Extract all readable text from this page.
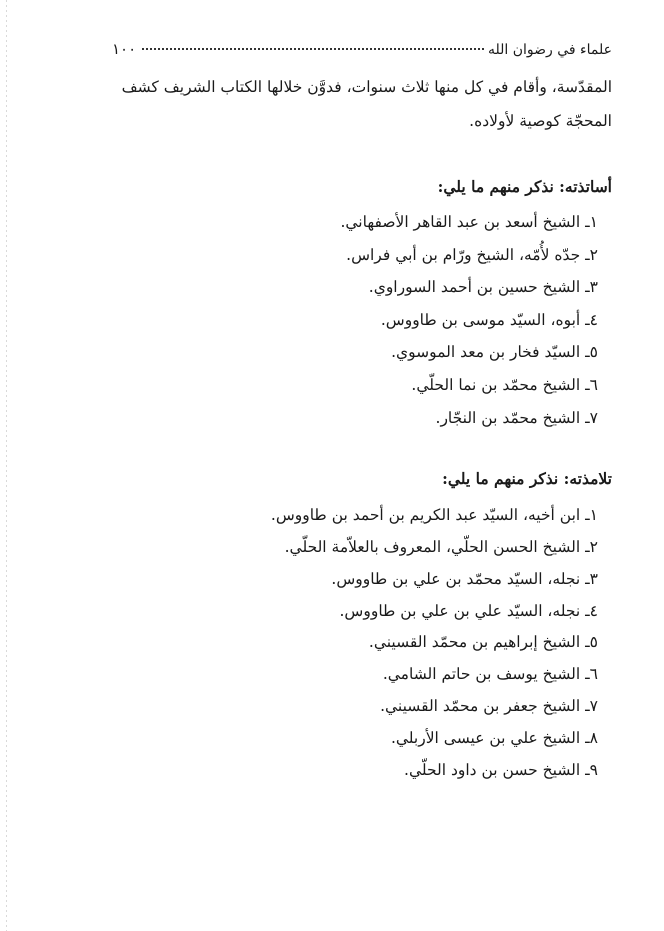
علماء في رضوان الله
١٠٠

المقدّسة، وأقام في كل منها ثلاث سنوات، فدوَّن خلالها الكتاب الشريف كشف

المحجّة كوصية لأولاده.

أساتذته: نذكر منهم ما يلي:
١ـ الشيخ أسعد بن عبد القاهر الأصفهاني.
٢ـ جدّه لأُمّه، الشيخ ورّام بن أبي فراس.
٣ـ الشيخ حسين بن أحمد السوراوي.
٤ـ أبوه، السيّد موسى بن طاووس.
٥ـ السيّد فخار بن معد الموسوي.
٦ـ الشيخ محمّد بن نما الحلّي.
٧ـ الشيخ محمّد بن النجّار.
تلامذته: نذكر منهم ما يلي:
١ـ ابن أخيه، السيّد عبد الكريم بن أحمد بن طاووس.
٢ـ الشيخ الحسن الحلّي، المعروف بالعلاّمة الحلّي.
٣ـ نجله، السيّد محمّد بن علي بن طاووس.
٤ـ نجله، السيّد علي بن علي بن طاووس.
٥ـ الشيخ إبراهيم بن محمّد القسيني.
٦ـ الشيخ يوسف بن حاتم الشامي.
٧ـ الشيخ جعفر بن محمّد القسيني.
٨ـ الشيخ علي بن عيسى الأربلي.
٩ـ الشيخ حسن بن داود الحلّي.
